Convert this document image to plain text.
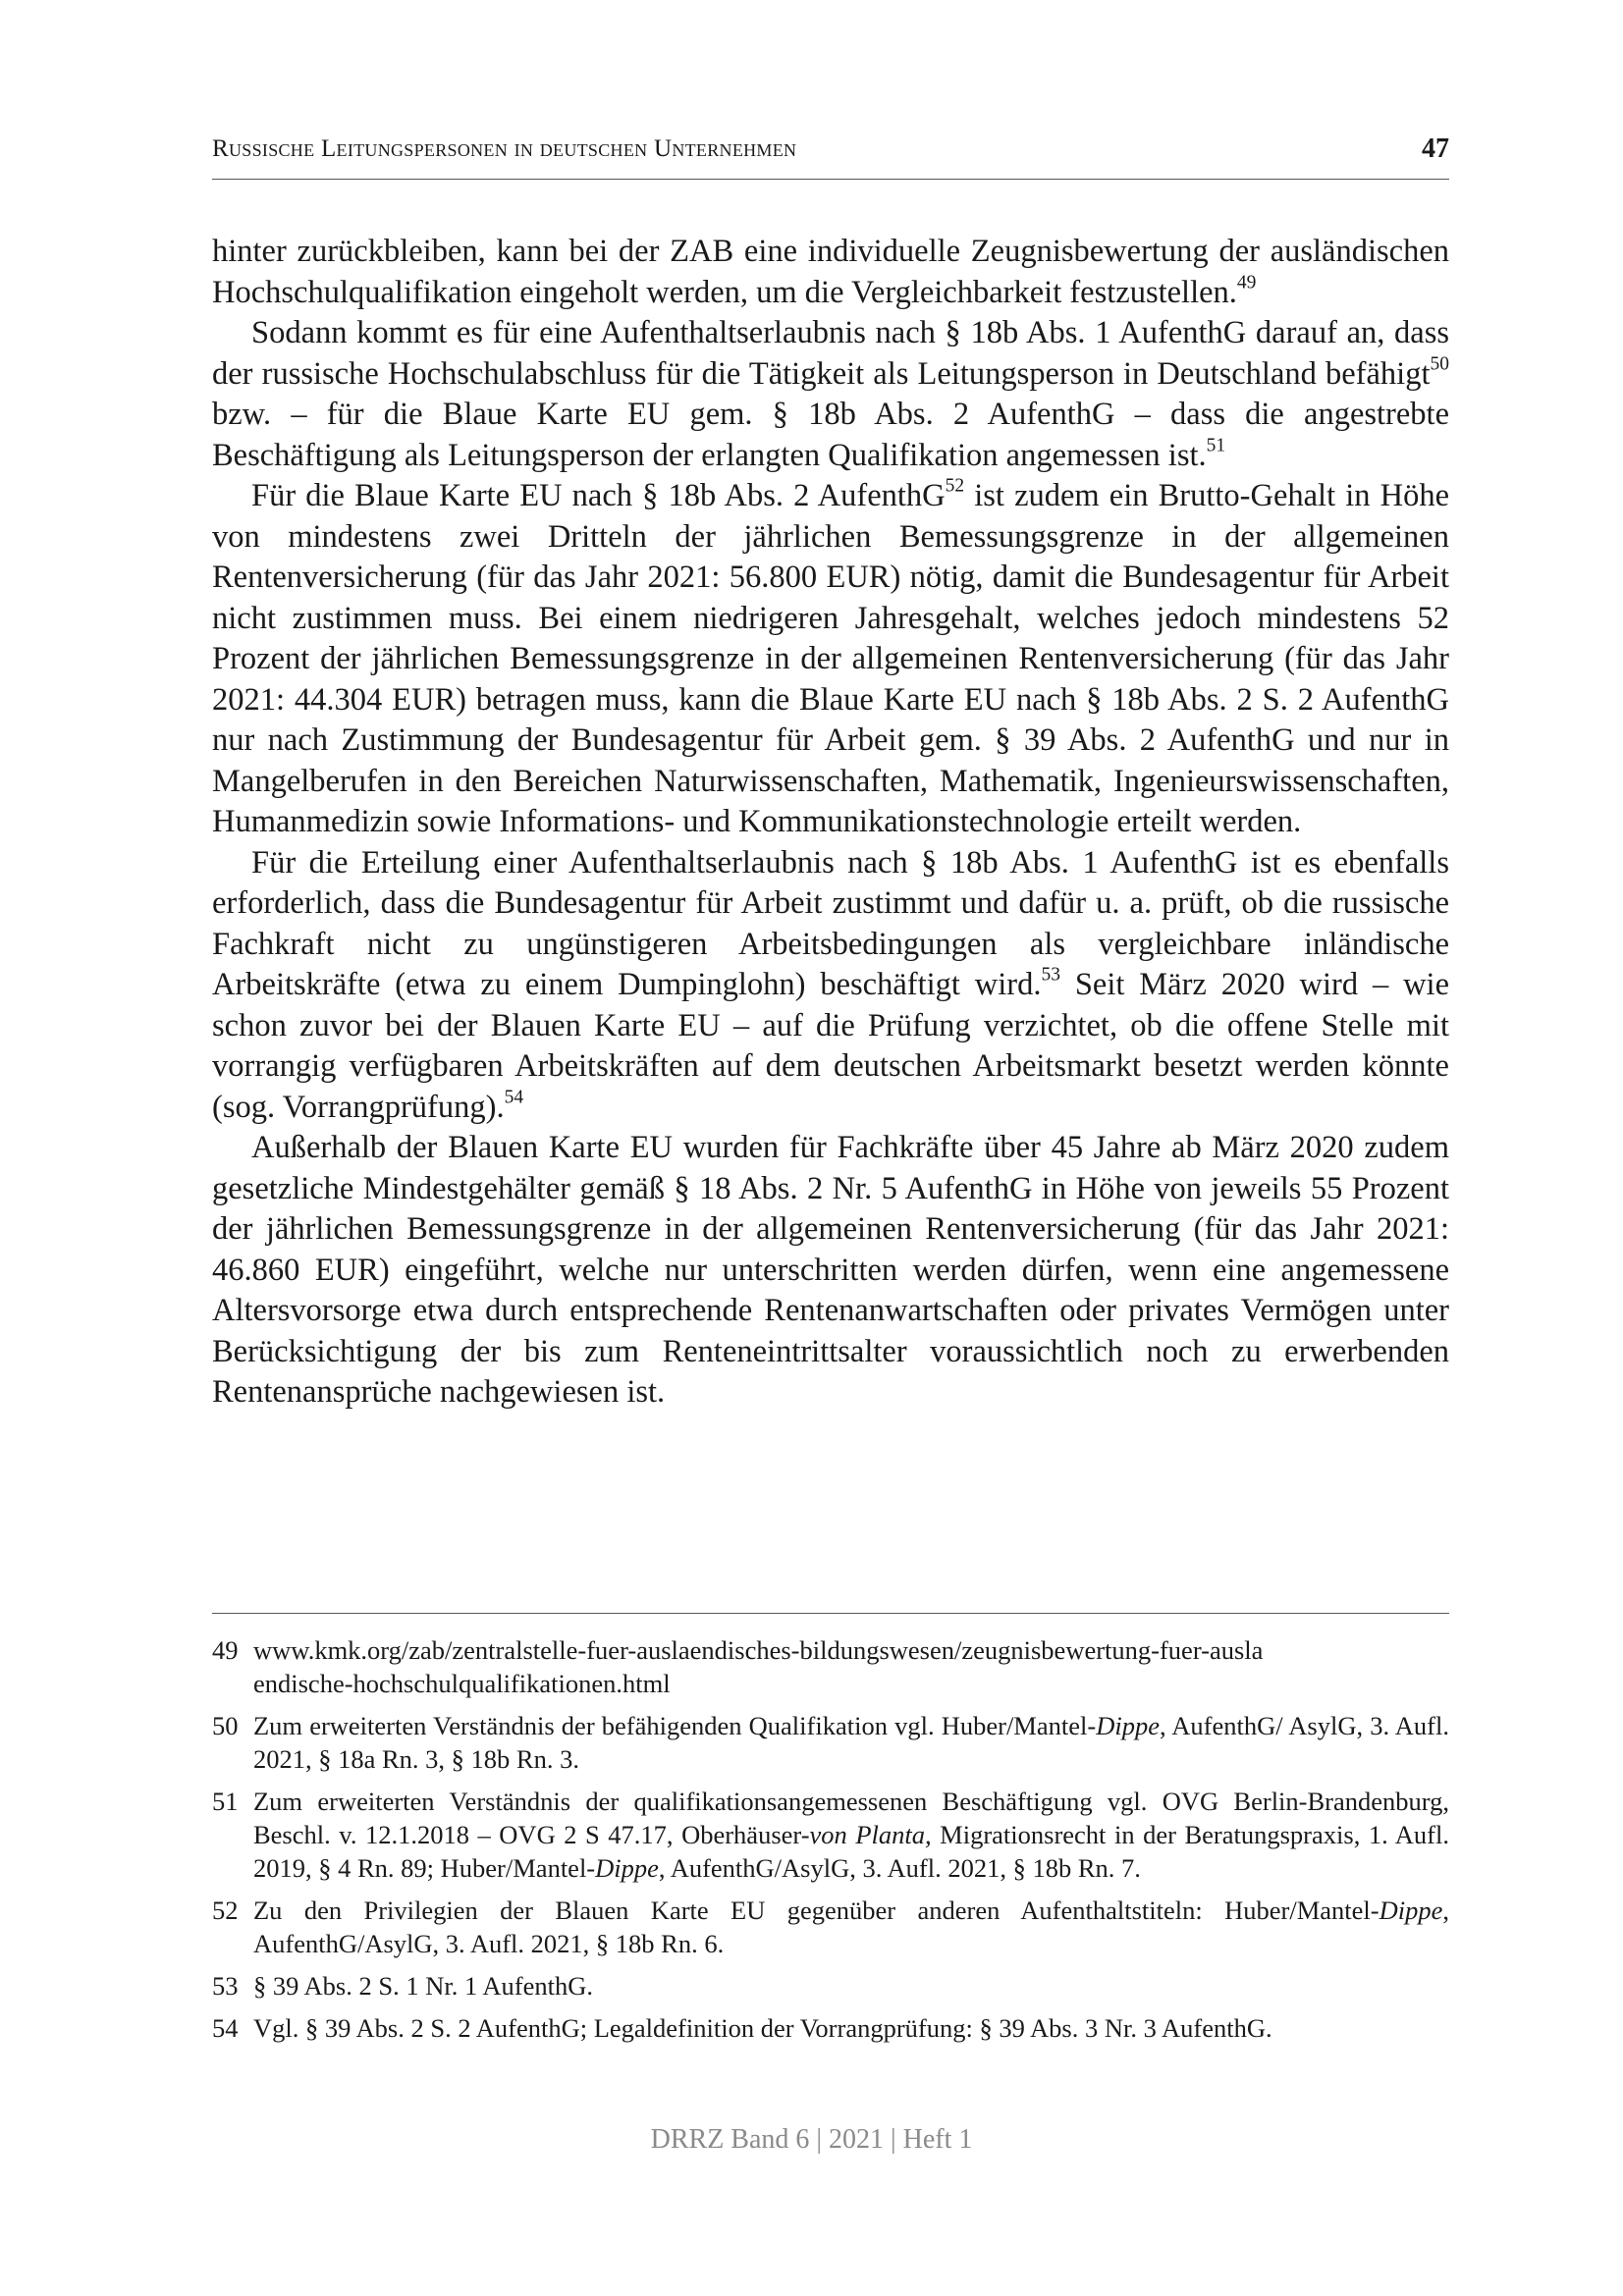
Russische Leitungspersonen in deutschen Unternehmen	47

hinter zurückbleiben, kann bei der ZAB eine individuelle Zeugnisbewertung der ausländischen Hochschulqualifikation eingeholt werden, um die Vergleichbarkeit festzustellen.$^{49}$

Sodann kommt es für eine Aufenthaltserlaubnis nach § 18b Abs. 1 AufenthG darauf an, dass der russische Hochschulabschluss für die Tätigkeit als Leitungsperson in Deutschland befähigt$^{50}$ bzw. – für die Blaue Karte EU gem. § 18b Abs. 2 AufenthG – dass die angestrebte Beschäftigung als Leitungsperson der erlangten Qualifikation angemessen ist.$^{51}$

Für die Blaue Karte EU nach § 18b Abs. 2 AufenthG$^{52}$ ist zudem ein Brutto-Gehalt in Höhe von mindestens zwei Dritteln der jährlichen Bemessungsgrenze in der allgemeinen Rentenversicherung (für das Jahr 2021: 56.800 EUR) nötig, damit die Bundesagentur für Arbeit nicht zustimmen muss. Bei einem niedrigeren Jahresgehalt, welches jedoch mindestens 52 Prozent der jährlichen Bemessungsgrenze in der allgemeinen Rentenversicherung (für das Jahr 2021: 44.304 EUR) betragen muss, kann die Blaue Karte EU nach § 18b Abs. 2 S. 2 AufenthG nur nach Zustimmung der Bundesagentur für Arbeit gem. § 39 Abs. 2 AufenthG und nur in Mangelberufen in den Bereichen Naturwissenschaften, Mathematik, Ingenieurswissenschaften, Humanmedizin sowie Informations- und Kommunikationstechnologie erteilt werden.

Für die Erteilung einer Aufenthaltserlaubnis nach § 18b Abs. 1 AufenthG ist es ebenfalls erforderlich, dass die Bundesagentur für Arbeit zustimmt und dafür u. a. prüft, ob die russische Fachkraft nicht zu ungünstigeren Arbeitsbedingungen als vergleichbare inländische Arbeitskräfte (etwa zu einem Dumpinglohn) beschäftigt wird.$^{53}$ Seit März 2020 wird – wie schon zuvor bei der Blauen Karte EU – auf die Prüfung verzichtet, ob die offene Stelle mit vorrangig verfügbaren Arbeitskräften auf dem deutschen Arbeitsmarkt besetzt werden könnte (sog. Vorrangprüfung).$^{54}$

Außerhalb der Blauen Karte EU wurden für Fachkräfte über 45 Jahre ab März 2020 zudem gesetzliche Mindestgehälter gemäß § 18 Abs. 2 Nr. 5 AufenthG in Höhe von jeweils 55 Prozent der jährlichen Bemessungsgrenze in der allgemeinen Rentenversicherung (für das Jahr 2021: 46.860 EUR) eingeführt, welche nur unterschritten werden dürfen, wenn eine angemessene Altersvorsorge etwa durch entsprechende Rentenanwartschaften oder privates Vermögen unter Berücksichtigung der bis zum Renteneintrittsalter voraussichtlich noch zu erwerbenden Rentenansprüche nachgewiesen ist.

49 www.kmk.org/zab/zentralstelle-fuer-auslaendisches-bildungswesen/zeugnisbewertung-fuer-ausla
endische-hochschulqualifikationen.html
50 Zum erweiterten Verständnis der befähigenden Qualifikation vgl. Huber/Mantel-Dippe, AufenthG/ AsylG, 3. Aufl. 2021, § 18a Rn. 3, § 18b Rn. 3.
51 Zum erweiterten Verständnis der qualifikationsangemessenen Beschäftigung vgl. OVG Berlin-Brandenburg, Beschl. v. 12.1.2018 – OVG 2 S 47.17, Oberhäuser-von Planta, Migrationsrecht in der Beratungspraxis, 1. Aufl. 2019, § 4 Rn. 89; Huber/Mantel-Dippe, AufenthG/AsylG, 3. Aufl. 2021, § 18b Rn. 7.
52 Zu den Privilegien der Blauen Karte EU gegenüber anderen Aufenthaltstiteln: Huber/Mantel-Dippe, AufenthG/AsylG, 3. Aufl. 2021, § 18b Rn. 6.
53 § 39 Abs. 2 S. 1 Nr. 1 AufenthG.
54 Vgl. § 39 Abs. 2 S. 2 AufenthG; Legaldefinition der Vorrangprüfung: § 39 Abs. 3 Nr. 3 AufenthG.
DRRZ Band 6 | 2021 | Heft 1
